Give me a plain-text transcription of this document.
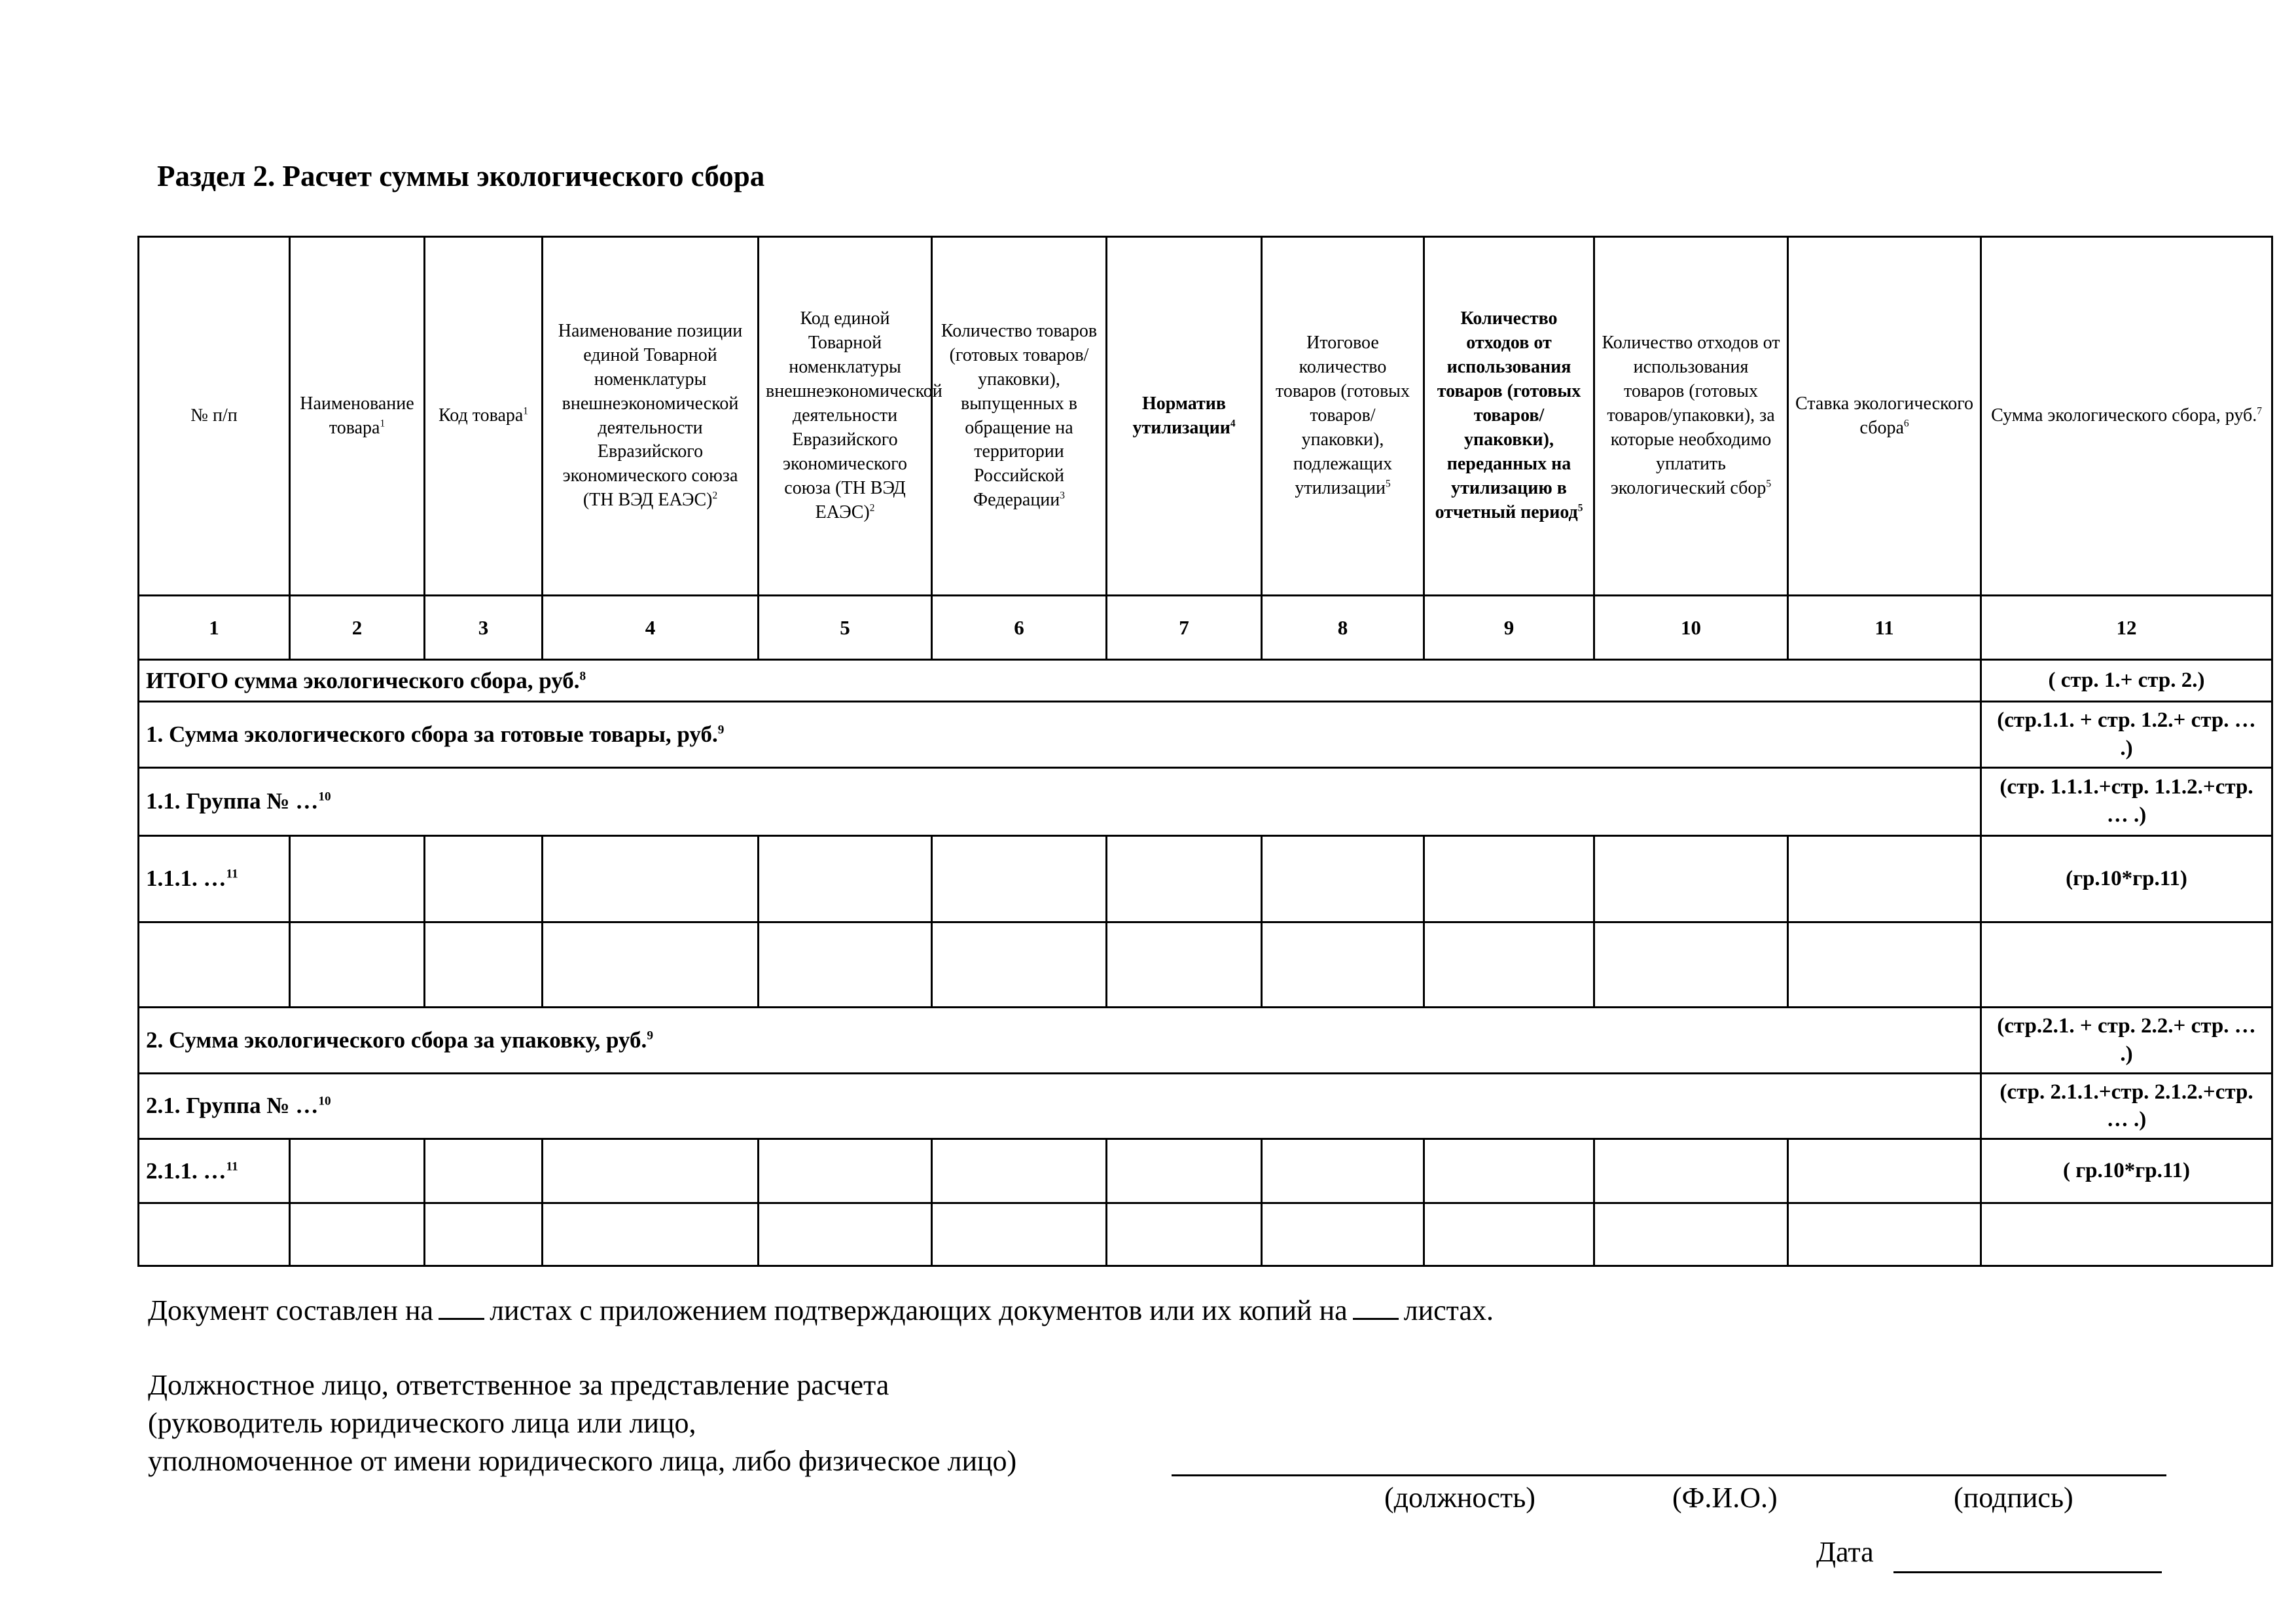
Раздел 2. Расчет суммы экологического сбора
№ п/п	Наименование товара$^1$	Код товара$^1$	Наименование позиции единой Товарной номенклатуры внешнеэкономической деятельности Евразийского экономического союза (ТН ВЭД ЕАЭС)$^2$	Код единой Товарной номенклатуры внешнеэкономической деятельности Евразийского экономического союза (ТН ВЭД ЕАЭС)$^2$	Количество товаров (готовых товаров/упаковки), выпущенных в обращение на территории Российской Федерации$^3$	Норматив утилизации$^4$	Итоговое количество товаров (готовых товаров/упаковки), подлежащих утилизации$^5$	Количество отходов от использования товаров (готовых товаров/упаковки), переданных на утилизацию в отчетный период$^5$	Количество отходов от использования товаров (готовых товаров/упаковки), за которые необходимо уплатить экологический сбор$^5$	Ставка экологического сбора$^6$	Сумма экологического сбора, руб.$^7$
1	2	3	4	5	6	7	8	9	10	11	12
ИТОГО сумма экологического сбора, руб.$^8$											( стр. 1.+ стр. 2.)
1. Сумма экологического сбора за готовые товары, руб.$^9$											(стр.1.1. + стр. 1.2.+ стр. … .)
1.1. Группа № …$^{10}$											(стр. 1.1.1.+стр. 1.1.2.+стр. … .)
1.1.1. …$^{11}$											(гр.10*гр.11)

2. Сумма экологического сбора за упаковку, руб.$^9$											(стр.2.1. + стр. 2.2.+ стр. … .)
2.1. Группа № …$^{10}$											(стр. 2.1.1.+стр. 2.1.2.+стр. … .)
2.1.1. …$^{11}$											( гр.10*гр.11)

Документ составлен на листах с приложением подтверждающих документов или их копий на листах.
Должностное лицо, ответственное за представление расчета
(руководитель юридического лица или лицо,
уполномоченное от имени юридического лица, либо физическое лицо)
(должность)	(Ф.И.О.)	(подпись)
Дата
